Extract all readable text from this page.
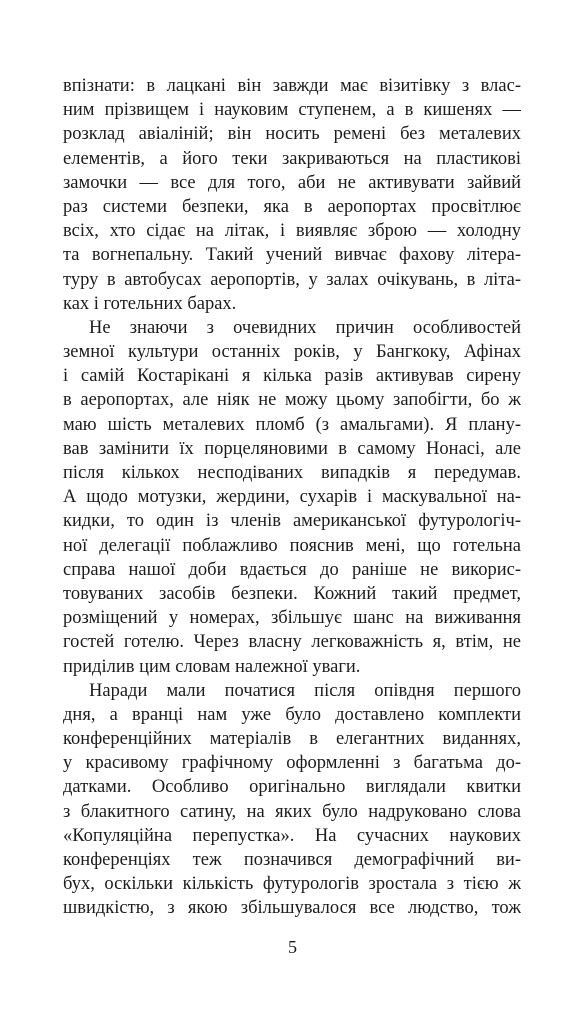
впізнати: в лацкані він завжди має візитівку з влас-
ним прізвищем і науковим ступенем, а в кишенях —
розклад авіаліній; він носить ремені без металевих
елементів, а його теки закриваються на пластикові
замочки — все для того, аби не активувати зайвий
раз системи безпеки, яка в аеропортах просвітлює
всіх, хто сідає на літак, і виявляє зброю — холодну
та вогнепальну. Такий учений вивчає фахову літера-
туру в автобусах аеропортів, у залах очікувань, в літа-
ках і готельних барах.
Не знаючи з очевидних причин особливостей
земної культури останніх років, у Бангкоку, Афінах
і самій Костарікані я кілька разів активував сирену
в аеропортах, але ніяк не можу цьому запобігти, бо ж
маю шість металевих пломб (з амальгами). Я плану-
вав замінити їх порцеляновими в самому Нонасі, але
після кількох несподіваних випадків я передумав.
А щодо мотузки, жердини, сухарів і маскувальної на-
кидки, то один із членів американської футурологіч-
ної делегації поблажливо пояснив мені, що готельна
справа нашої доби вдається до раніше не викорис-
товуваних засобів безпеки. Кожний такий предмет,
розміщений у номерах, збільшує шанс на виживання
гостей готелю. Через власну легковажність я, втім, не
приділив цим словам належної уваги.
Наради мали початися після опівдня першого
дня, а вранці нам уже було доставлено комплекти
конференційних матеріалів в елегантних виданнях,
у красивому графічному оформленні з багатьма до-
датками. Особливо оригінально виглядали квитки
з блакитного сатину, на яких було надруковано слова
«Копуляційна перепустка». На сучасних наукових
конференціях теж позначився демографічний ви-
бух, оскільки кількість футурологів зростала з тією ж
швидкістю, з якою збільшувалося все людство, тож
5
